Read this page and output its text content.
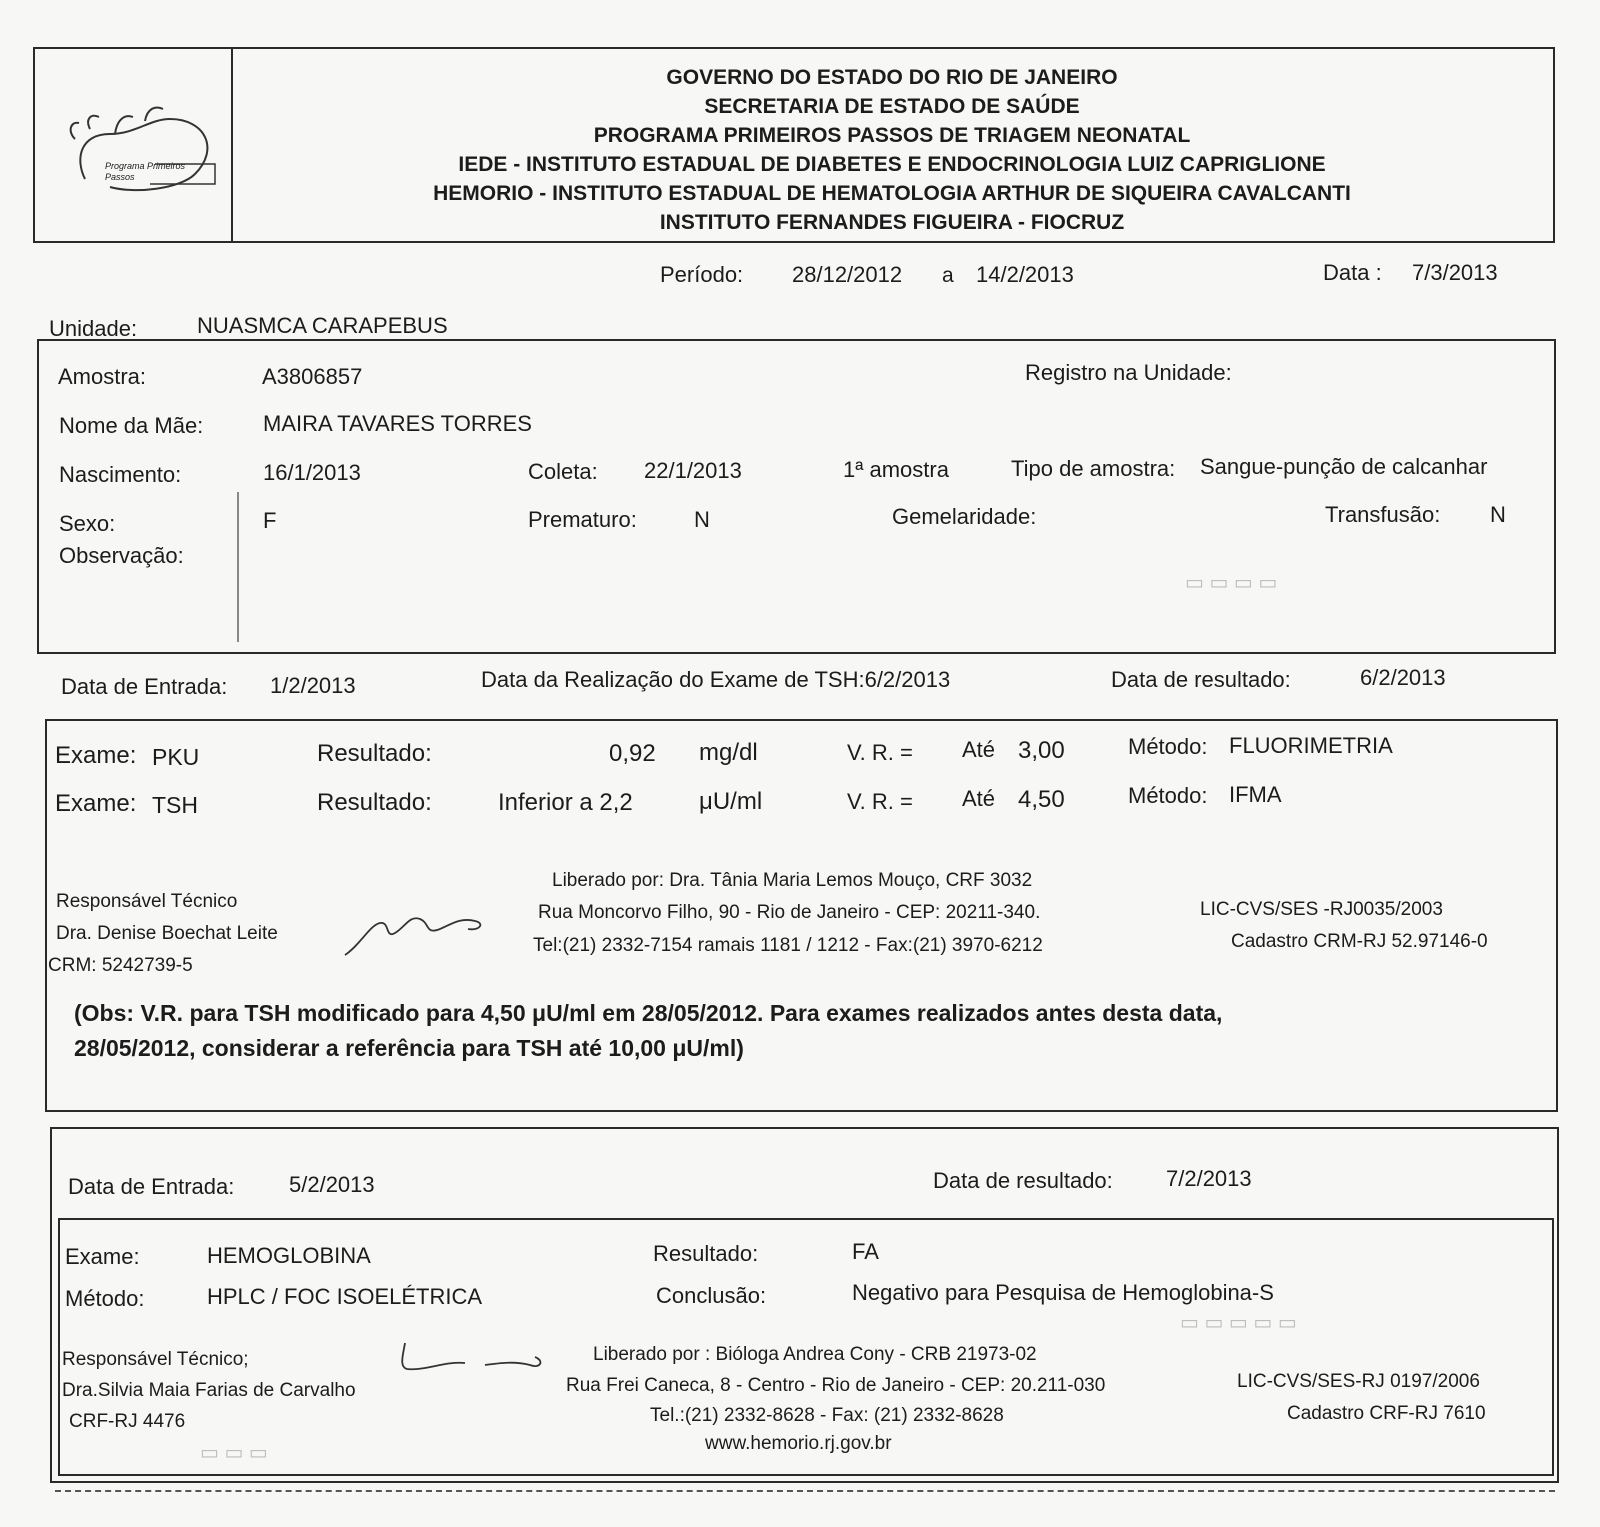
▭ ▭ ▭ ▭
▭ ▭ ▭ ▭ ▭
▭ ▭ ▭
Programa Primeiros Passos
GOVERNO DO ESTADO DO RIO DE JANEIRO
SECRETARIA DE ESTADO DE SAÚDE
PROGRAMA PRIMEIROS PASSOS DE TRIAGEM NEONATAL
IEDE - INSTITUTO ESTADUAL DE DIABETES E ENDOCRINOLOGIA LUIZ CAPRIGLIONE
HEMORIO - INSTITUTO ESTADUAL DE HEMATOLOGIA ARTHUR DE SIQUEIRA CAVALCANTI
INSTITUTO FERNANDES FIGUEIRA - FIOCRUZ
Período: 28/12/2012 a 14/2/2013	Data : 7/3/2013
Unidade:	NUASMCA CARAPEBUS
Amostra:	A3806857	Registro na Unidade:
Nome da Mãe:	MAIRA TAVARES TORRES
Nascimento:	16/1/2013	Coleta: 22/1/2013	1ª amostra	Tipo de amostra: Sangue-punção de calcanhar
Sexo:	F	Prematuro:	N	Gemelaridade:	Transfusão: N
Observação:
Data de Entrada: 1/2/2013	Data da Realização do Exame de TSH:6/2/2013	Data de resultado:	6/2/2013
Exame: PKU	Resultado:	0,92 mg/dl	V. R. = Até 3,00	Método: FLUORIMETRIA
Exame: TSH	Resultado:	Inferior a 2,2	μU/ml	V. R. = Até 4,50	Método: IFMA
Responsável Técnico
Dra. Denise Boechat Leite
CRM: 5242739-5
Liberado por: Dra. Tânia Maria Lemos Mouço, CRF 3032
Rua Moncorvo Filho, 90 - Rio de Janeiro - CEP: 20211-340.
Tel:(21) 2332-7154 ramais 1181 / 1212 - Fax:(21) 3970-6212
LIC-CVS/SES -RJ0035/2003
Cadastro CRM-RJ 52.97146-0
(Obs: V.R. para TSH modificado para 4,50 μU/ml em 28/05/2012. Para exames realizados antes desta data,
28/05/2012, considerar a referência para TSH até 10,00 μU/ml)
Data de Entrada: 5/2/2013	Data de resultado: 7/2/2013
Exame:	HEMOGLOBINA	Resultado:	FA
Método:	HPLC / FOC ISOELÉTRICA	Conclusão:	Negativo para Pesquisa de Hemoglobina-S
Responsável Técnico;
Dra.Silvia Maia Farias de Carvalho
CRF-RJ 4476
Liberado por : Bióloga Andrea Cony - CRB 21973-02
Rua Frei Caneca, 8 - Centro - Rio de Janeiro - CEP: 20.211-030
Tel.:(21) 2332-8628 - Fax: (21) 2332-8628
www.hemorio.rj.gov.br
LIC-CVS/SES-RJ 0197/2006
Cadastro CRF-RJ 7610
